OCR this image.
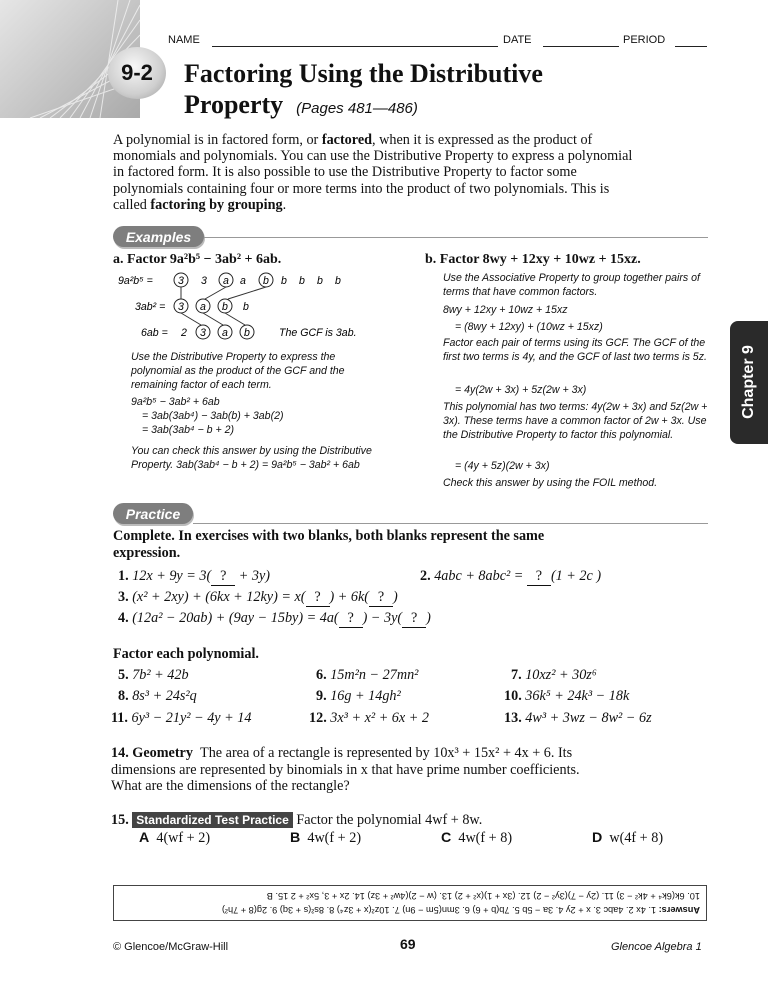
NAME	DATE	PERIOD
9-2 Factoring Using the Distributive
Property (Pages 481—486)
Chapter 9
A polynomial is in factored form, or factored, when it is expressed as the product of monomials and polynomials. You can use the Distributive Property to express a polynomial in factored form. It is also possible to use the Distributive Property to factor some polynomials containing four or more terms into the product of two polynomials. This is called factoring by grouping.
Examples
a. Factor 9a²b⁵ − 3ab² + 6ab.
9a²b⁵ = 3 3 a a b b b b b
3ab² = 3 a b b
6ab = 2 3 a b	The GCF is 3ab.
Use the Distributive Property to express the polynomial as the product of the GCF and the remaining factor of each term.
9a²b⁵ − 3ab² + 6ab
= 3ab(3ab⁴) − 3ab(b) + 3ab(2)
= 3ab(3ab⁴ − b + 2)
You can check this answer by using the Distributive Property. 3ab(3ab⁴ − b + 2) = 9a²b⁵ − 3ab² + 6ab
b. Factor 8wy + 12xy + 10wz + 15xz.
Use the Associative Property to group together pairs of terms that have common factors.
8wy + 12xy + 10wz + 15xz
= (8wy + 12xy) + (10wz + 15xz)
Factor each pair of terms using its GCF. The GCF of the first two terms is 4y, and the GCF of last two terms is 5z.
= 4y(2w + 3x) + 5z(2w + 3x)
This polynomial has two terms: 4y(2w + 3x) and 5z(2w + 3x). These terms have a common factor of 2w + 3x. Use the Distributive Property to factor this polynomial.
= (4y + 5z)(2w + 3x)
Check this answer by using the FOIL method.
Practice
Complete. In exercises with two blanks, both blanks represent the same expression.
1. 12x + 9y = 3( ? + 3y)	2. 4abc + 8abc² = ? (1 + 2c )
3. (x² + 2xy) + (6kx + 12ky) = x( ? ) + 6k( ? )
4. (12a² − 20ab) + (9ay − 15by) = 4a( ? ) − 3y( ? )
Factor each polynomial.
5. 7b² + 42b	6. 15m²n − 27mn²	7. 10xz² + 30z⁶
8. 8s³ + 24s²q	9. 16g + 14gh²	10. 36k⁵ + 24k³ − 18k
11. 6y³ − 21y² − 4y + 14	12. 3x³ + x² + 6x + 2	13. 4w³ + 3wz − 8w² − 6z
14. Geometry The area of a rectangle is represented by 10x³ + 15x² + 4x + 6. Its dimensions are represented by binomials in x that have prime number coefficients. What are the dimensions of the rectangle?
15. Standardized Test Practice Factor the polynomial 4wf + 8w.
A 4(wf + 2)	B 4w(f + 2)	C 4w(f + 8)	D w(4f + 8)
Answers: 1. 4x 2. 4abc 3. x + 2y 4. 3a − 5b 5. 7b(b + 6) 6. 3mn(5m − 9n) 7. 10z²(x + 3z⁴) 8. 8s²(s + 3q) 9. 2g(8 + 7h²)
10. 6k(6k⁴ + 4k² − 3) 11. (2y − 7)(3y² − 2) 12. (3x + 1)(x² + 2) 13. (w − 2)(4w² + 3z) 14. 2x + 3, 5x² + 2 15. B
© Glencoe/McGraw-Hill	69	Glencoe Algebra 1
